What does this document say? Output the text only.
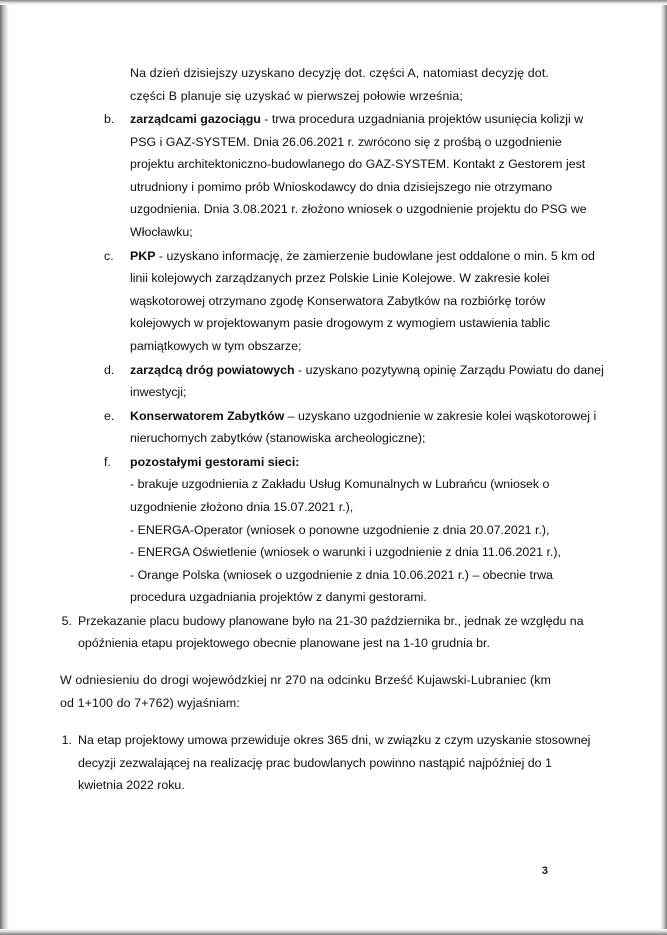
Na dzień dzisiejszy uzyskano decyzję dot. części A, natomiast decyzję dot. części B planuje się uzyskać w pierwszej połowie września;

b.	zarządcami gazociągu - trwa procedura uzgadniania projektów usunięcia kolizji w PSG i GAZ-SYSTEM. Dnia 26.06.2021 r. zwrócono się z prośbą o uzgodnienie projektu architektoniczno-budowlanego do GAZ-SYSTEM. Kontakt z Gestorem jest utrudniony i pomimo prób Wnioskodawcy do dnia dzisiejszego nie otrzymano uzgodnienia. Dnia 3.08.2021 r. złożono wniosek o uzgodnienie projektu do PSG we Włocławku;
c.	PKP - uzyskano informację, że zamierzenie budowlane jest oddalone o min. 5 km od linii kolejowych zarządzanych przez Polskie Linie Kolejowe. W zakresie kolei wąskotorowej otrzymano zgodę Konserwatora Zabytków na rozbiórkę torów kolejowych w projektowanym pasie drogowym z wymogiem ustawienia tablic pamiątkowych w tym obszarze;
d.	zarządcą dróg powiatowych - uzyskano pozytywną opinię Zarządu Powiatu do danej inwestycji;
e.	Konserwatorem Zabytków – uzyskano uzgodnienie w zakresie kolei wąskotorowej i nieruchomych zabytków (stanowiska archeologiczne);
f.	pozostałymi gestorami sieci:
- brakuje uzgodnienia z Zakładu Usług Komunalnych w Lubrańcu (wniosek o uzgodnienie złożono dnia 15.07.2021 r.),
- ENERGA-Operator (wniosek o ponowne uzgodnienie z dnia 20.07.2021 r.),
- ENERGA Oświetlenie (wniosek o warunki i uzgodnienie z dnia 11.06.2021 r.),
- Orange Polska (wniosek o uzgodnienie z dnia 10.06.2021 r.) – obecnie trwa procedura uzgadniania projektów z danymi gestorami.
5. Przekazanie placu budowy planowane było na 21-30 października br., jednak ze względu na opóźnienia etapu projektowego obecnie planowane jest na 1-10 grudnia br.

W odniesieniu do drogi wojewódzkiej nr 270 na odcinku Brześć Kujawski-Lubraniec (km od 1+100 do 7+762) wyjaśniam:

1. Na etap projektowy umowa przewiduje okres 365 dni, w związku z czym uzyskanie stosownej decyzji zezwalającej na realizację prac budowlanych powinno nastąpić najpóźniej do 1 kwietnia 2022 roku.
3
